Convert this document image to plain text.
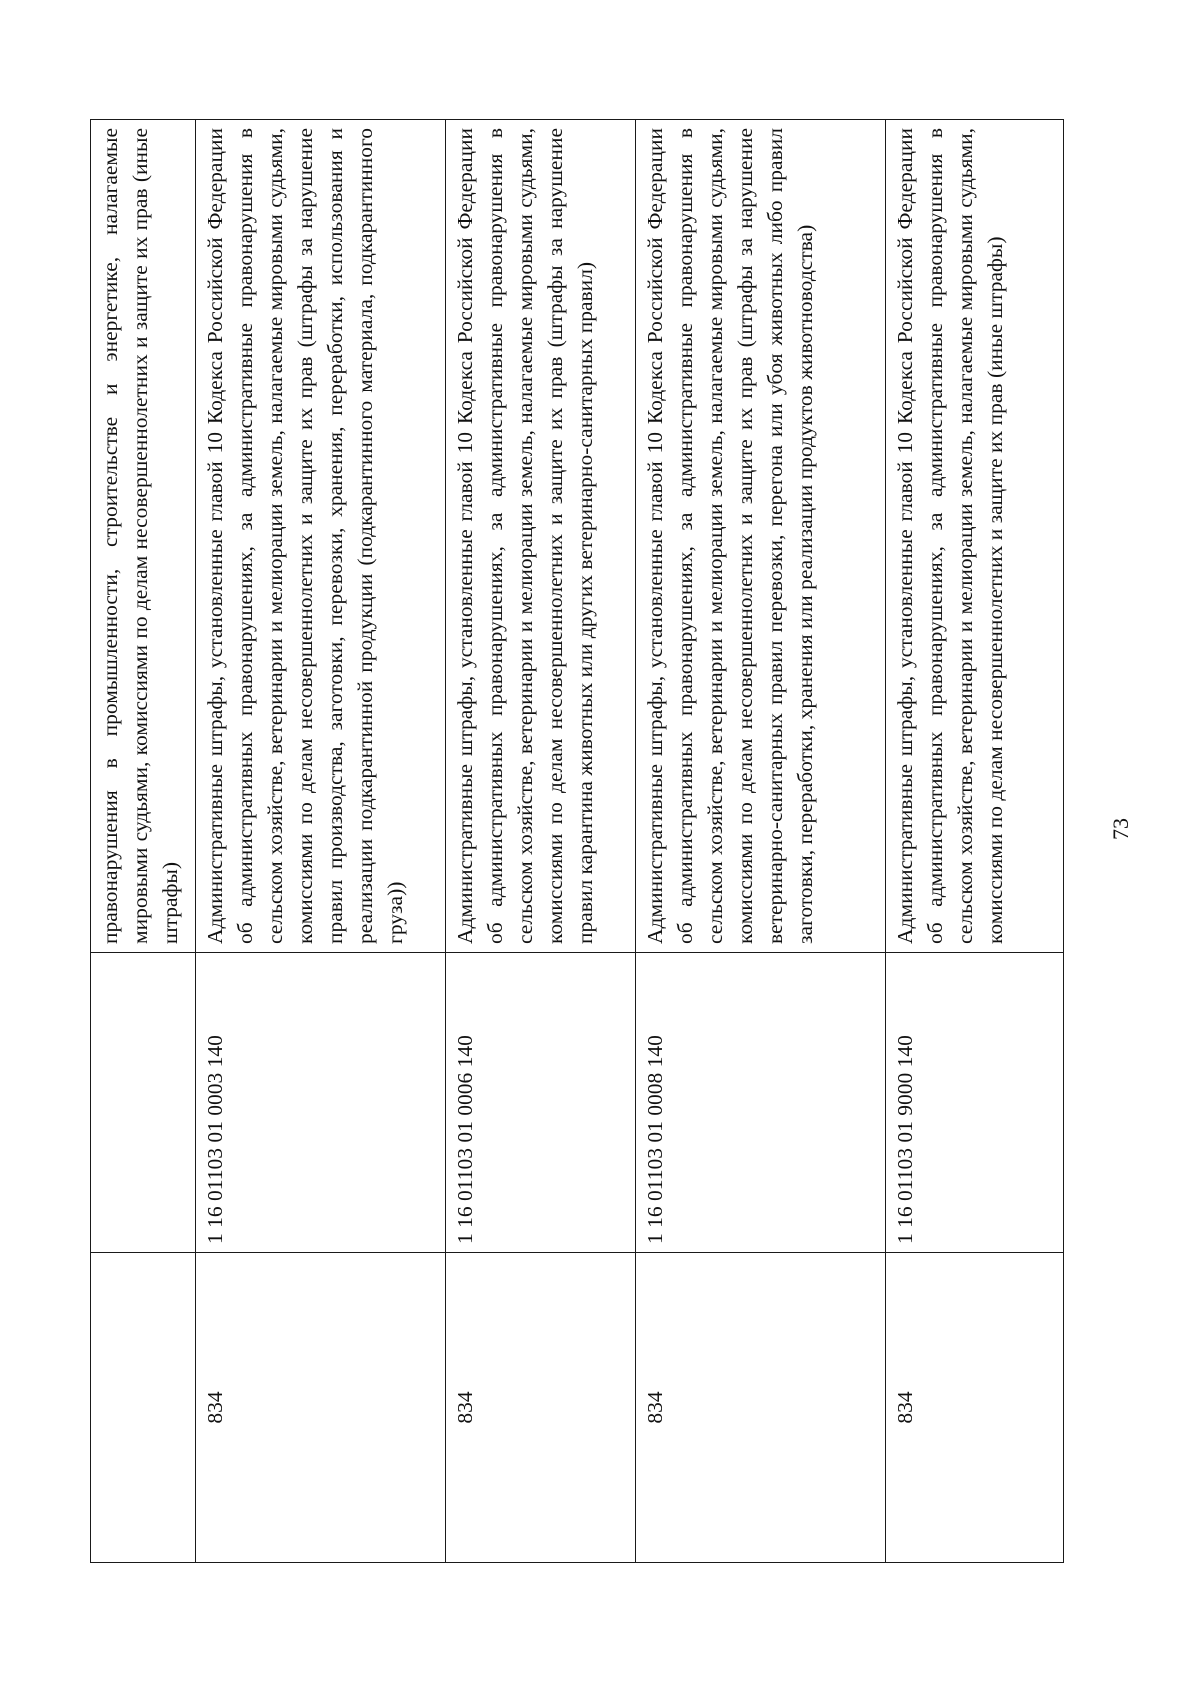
		правонарушения в промышленности, строительстве и энергетике, налагаемые мировыми судьями, комиссиями по делам несовершеннолетних и защите их прав (иные штрафы)
834	1 16 01103 01 0003 140	Административные штрафы, установленные главой 10 Кодекса Российской Федерации об административных правонарушениях, за административные правонарушения в сельском хозяйстве, ветеринарии и мелиорации земель, налагаемые мировыми судьями, комиссиями по делам несовершеннолетних и защите их прав (штрафы за нарушение правил производства, заготовки, перевозки, хранения, переработки, использования и реализации подкарантинной продукции (подкарантинного материала, подкарантинного груза))
834	1 16 01103 01 0006 140	Административные штрафы, установленные главой 10 Кодекса Российской Федерации об административных правонарушениях, за административные правонарушения в сельском хозяйстве, ветеринарии и мелиорации земель, налагаемые мировыми судьями, комиссиями по делам несовершеннолетних и защите их прав (штрафы за нарушение правил карантина животных или других ветеринарно-санитарных правил)
834	1 16 01103 01 0008 140	Административные штрафы, установленные главой 10 Кодекса Российской Федерации об административных правонарушениях, за административные правонарушения в сельском хозяйстве, ветеринарии и мелиорации земель, налагаемые мировыми судьями, комиссиями по делам несовершеннолетних и защите их прав (штрафы за нарушение ветеринарно-санитарных правил перевозки, перегона или убоя животных либо правил заготовки, переработки, хранения или реализации продуктов животноводства)
834	1 16 01103 01 9000 140	Административные штрафы, установленные главой 10 Кодекса Российской Федерации об административных правонарушениях, за административные правонарушения в сельском хозяйстве, ветеринарии и мелиорации земель, налагаемые мировыми судьями, комиссиями по делам несовершеннолетних и защите их прав (иные штрафы)	73
